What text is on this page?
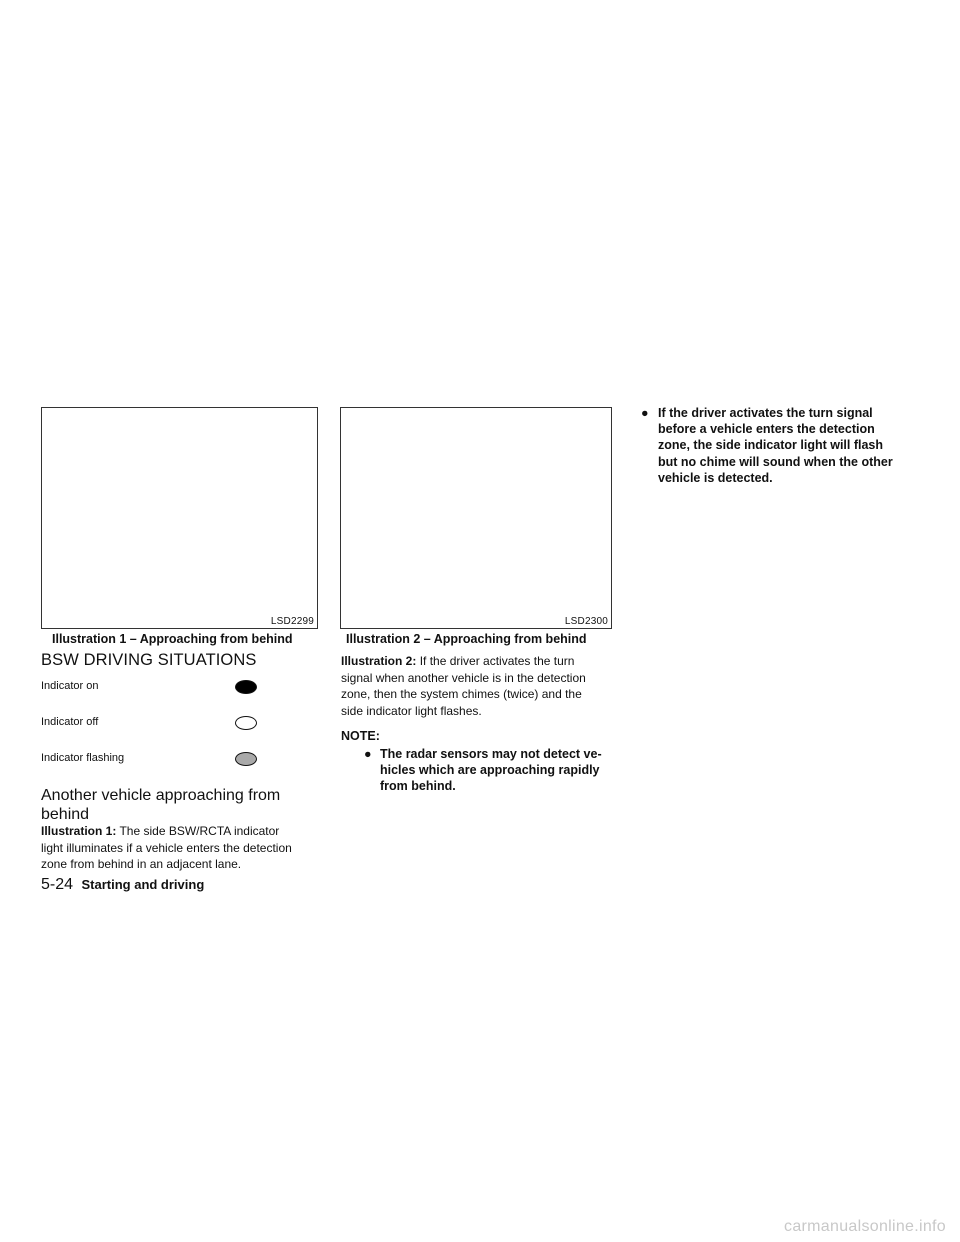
LSD2299
Illustration 1 – Approaching from behind
LSD2300
Illustration 2 – Approaching from behind
BSW DRIVING SITUATIONS
Indicator on
Indicator off
Indicator flashing
Another vehicle approaching from
behind

Illustration 1: The side BSW/RCTA indicator
light illuminates if a vehicle enters the detection
zone from behind in an adjacent lane.

Illustration 2: If the driver activates the turn
signal when another vehicle is in the detection
zone, then the system chimes (twice) and the
side indicator light flashes.

NOTE:
● The radar sensors may not detect ve-
hicles which are approaching rapidly
from behind.
● If the driver activates the turn signal
before a vehicle enters the detection
zone, the side indicator light will flash
but no chime will sound when the other
vehicle is detected.
5-24 Starting and driving
carmanualsonline.info
